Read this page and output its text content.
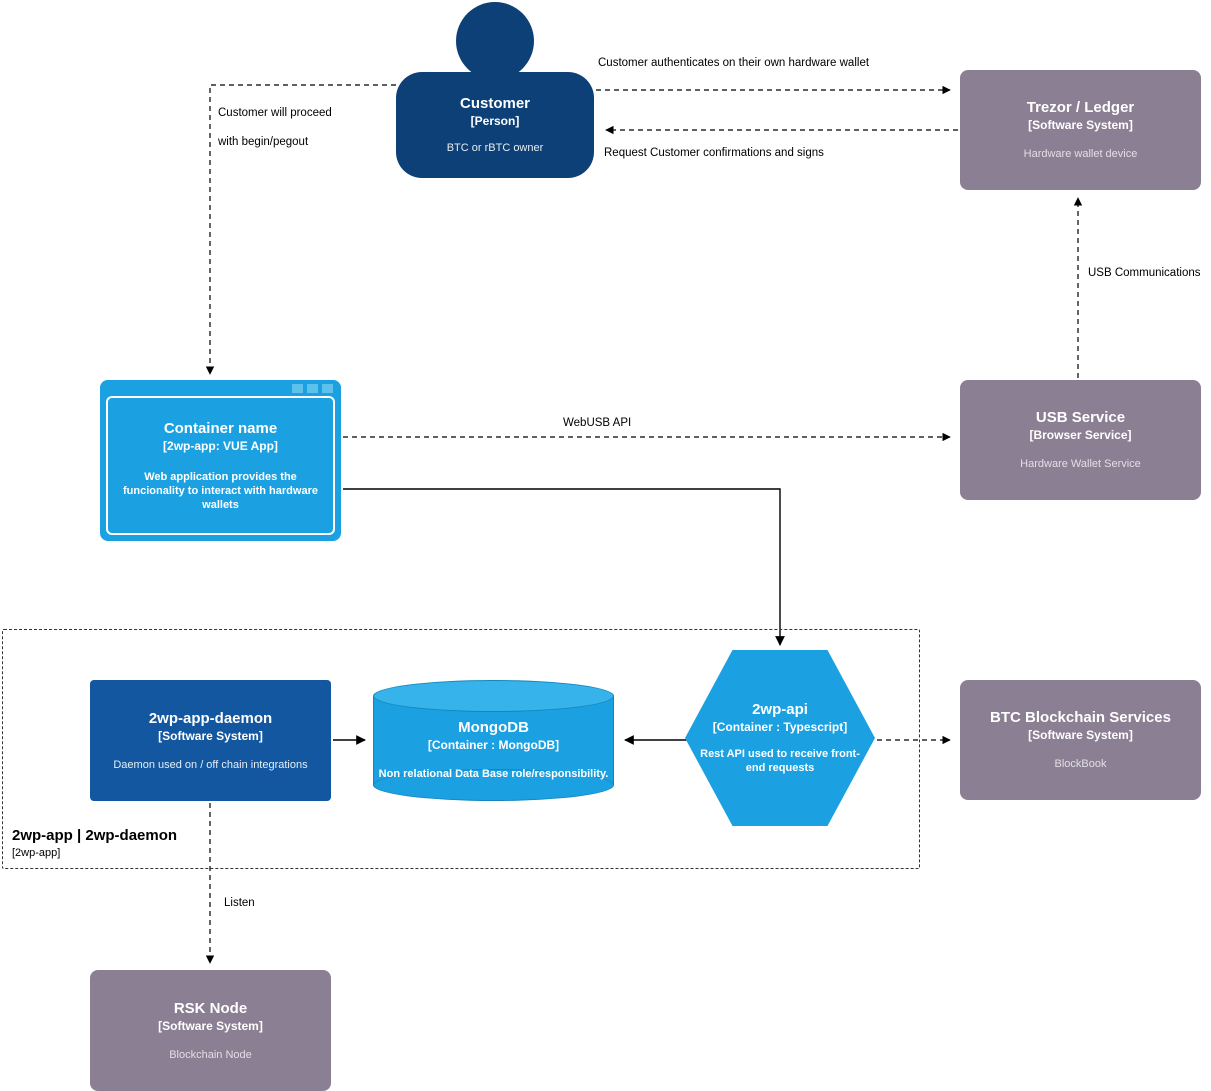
2wp-app | 2wp-daemon
[2wp-app]
Customer
[Person]
BTC or rBTC owner
Trezor / Ledger
[Software System]
Hardware wallet device
USB Service
[Browser Service]
Hardware Wallet Service
BTC Blockchain Services
[Software System]
BlockBook
RSK Node
[Software System]
Blockchain Node
Container name
[2wp-app: VUE App]
Web application provides the funcionality to interact with hardware wallets
2wp-app-daemon
[Software System]
Daemon used on / off chain integrations
MongoDB
[Container : MongoDB]
Non relational Data Base role/responsibility.
2wp-api
[Container : Typescript]
Rest API used to receive front-end requests
Customer authenticates on their own hardware wallet
Request Customer confirmations and signs
Customer will proceed
with begin/pegout
USB Communications
WebUSB API
Listen
